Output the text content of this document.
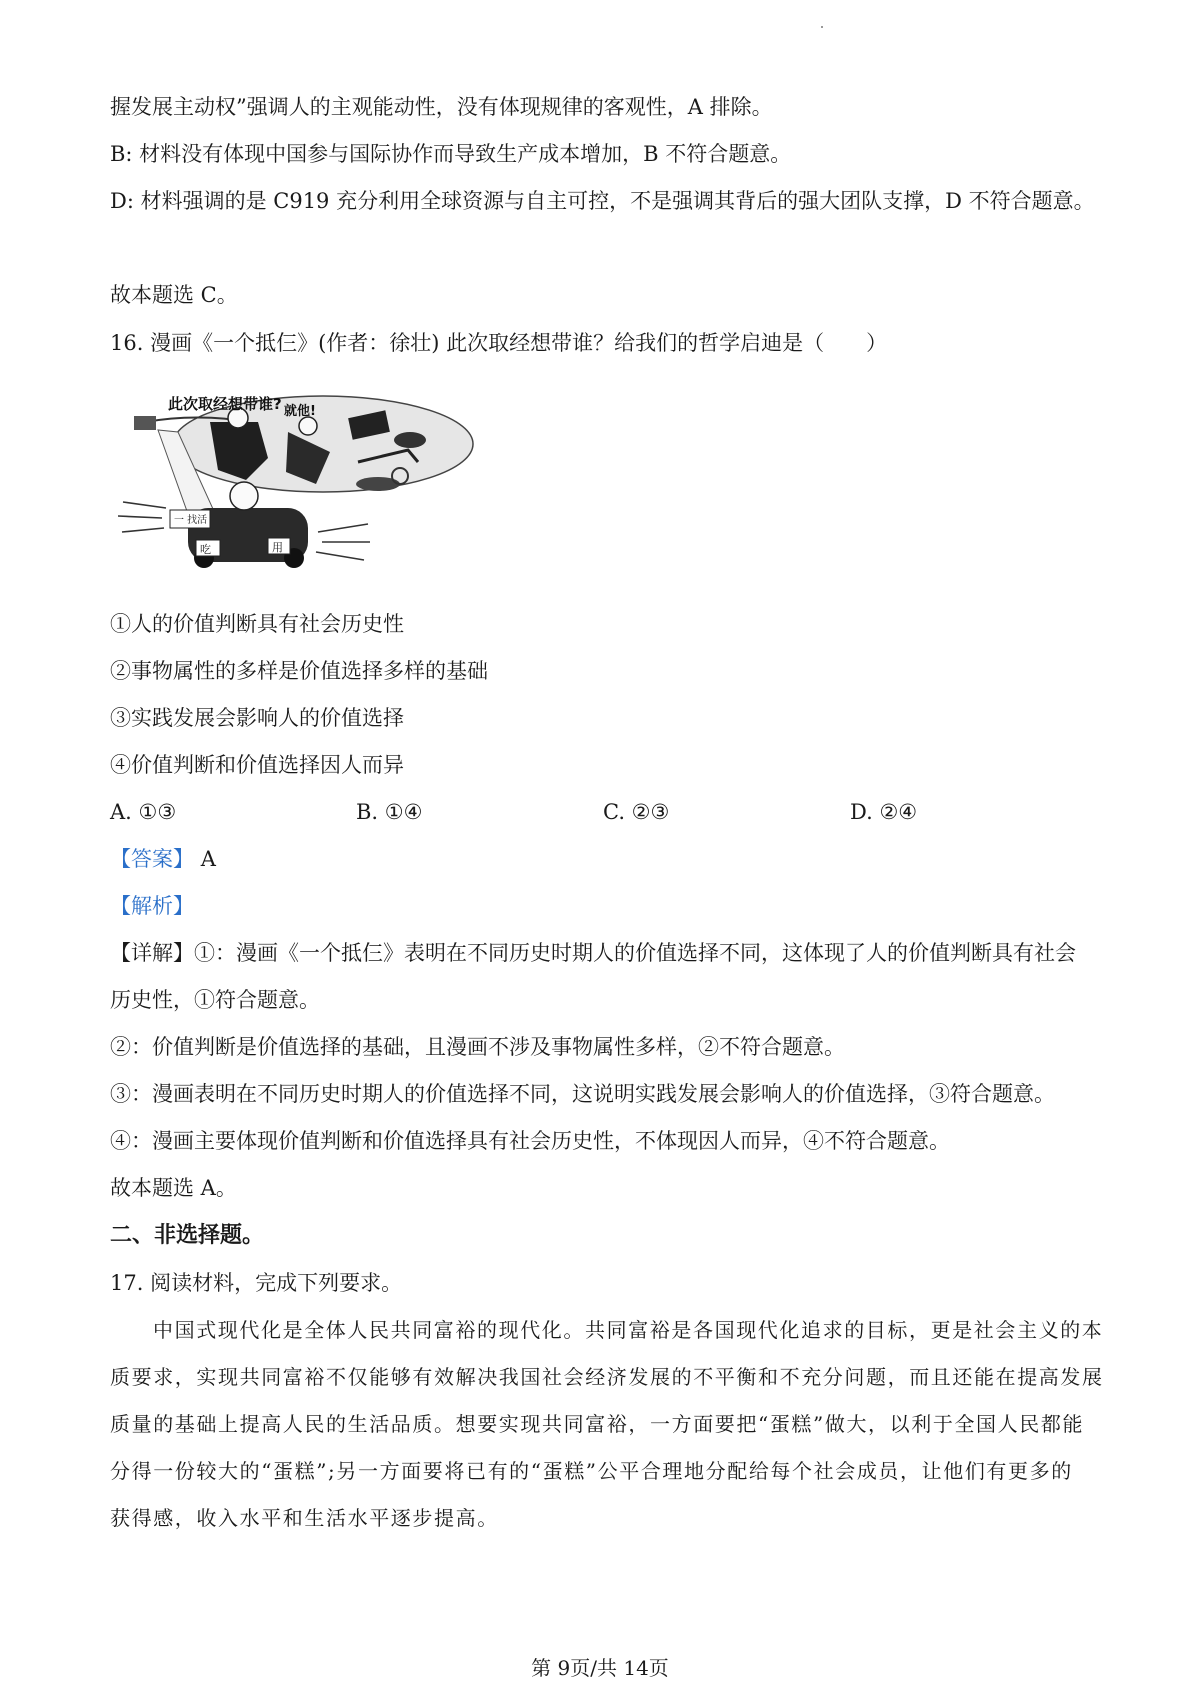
握发展主动权”强调人的主观能动性，没有体现规律的客观性，A 排除。
B: 材料没有体现中国参与国际协作而导致生产成本增加，B 不符合题意。
D: 材料强调的是 C919 充分利用全球资源与自主可控，不是强调其背后的强大团队支撑，D 不符合题意。
故本题选 C。
16. 漫画《一个抵仨》(作者：徐壮) 此次取经想带谁？给我们的哲学启迪是（　　）
一 找活
吃	用
此次取经想带谁? 就他!
①人的价值判断具有社会历史性
②事物属性的多样是价值选择多样的基础
③实践发展会影响人的价值选择
④价值判断和价值选择因人而异
A. ①③	B. ①④	C. ②③	D. ②④
【答案】 A
【解析】
【详解】①：漫画《一个抵仨》表明在不同历史时期人的价值选择不同，这体现了人的价值判断具有社会
历史性，①符合题意。
②：价值判断是价值选择的基础，且漫画不涉及事物属性多样，②不符合题意。
③：漫画表明在不同历史时期人的价值选择不同，这说明实践发展会影响人的价值选择，③符合题意。
④：漫画主要体现价值判断和价值选择具有社会历史性，不体现因人而异，④不符合题意。
故本题选 A。
二、非选择题。
17. 阅读材料，完成下列要求。
中国式现代化是全体人民共同富裕的现代化。共同富裕是各国现代化追求的目标，更是社会主义的本
质要求，实现共同富裕不仅能够有效解决我国社会经济发展的不平衡和不充分问题，而且还能在提高发展
质量的基础上提高人民的生活品质。想要实现共同富裕，一方面要把“蛋糕”做大，以利于全国人民都能
分得一份较大的“蛋糕”;另一方面要将已有的“蛋糕”公平合理地分配给每个社会成员，让他们有更多的
获得感，收入水平和生活水平逐步提高。
第 9页/共 14页
